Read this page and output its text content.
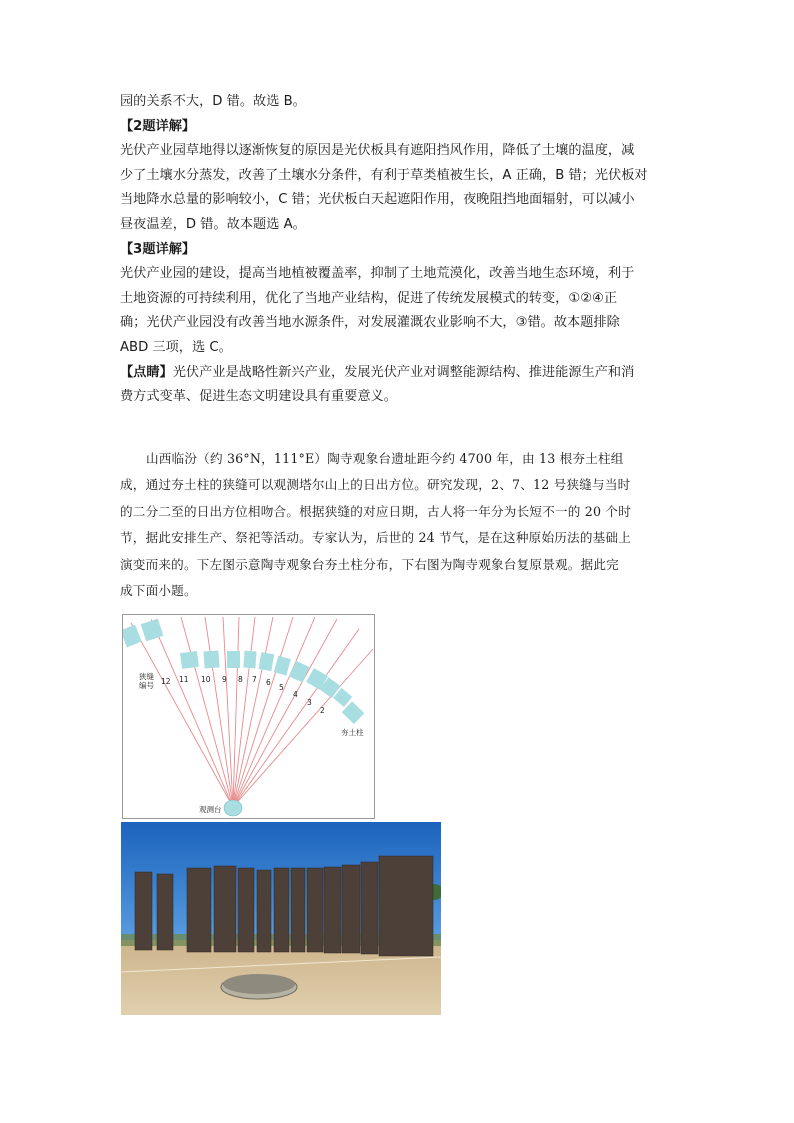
园的关系不大，D 错。故选 B。
【2题详解】
光伏产业园草地得以逐渐恢复的原因是光伏板具有遮阳挡风作用，降低了土壤的温度，减
少了土壤水分蒸发，改善了土壤水分条件，有利于草类植被生长，A 正确，B 错；光伏板对
当地降水总量的影响较小，C 错；光伏板白天起遮阳作用，夜晚阻挡地面辐射，可以减小
昼夜温差，D 错。故本题选 A。
【3题详解】
光伏产业园的建设，提高当地植被覆盖率，抑制了土地荒漠化，改善当地生态环境，利于
土地资源的可持续利用，优化了当地产业结构，促进了传统发展模式的转变，①②④正
确；光伏产业园没有改善当地水源条件，对发展灌溉农业影响不大，③错。故本题排除
ABD 三项，选 C。
【点睛】光伏产业是战略性新兴产业，发展光伏产业对调整能源结构、推进能源生产和消
费方式变革、促进生态文明建设具有重要意义。
山西临汾（约 36°N，111°E）陶寺观象台遗址距今约 4700 年，由 13 根夯土柱组
成，通过夯土柱的狭缝可以观测塔尔山上的日出方位。研究发现，2、7、12 号狭缝与当时
的二分二至的日出方位相吻合。根据狭缝的对应日期，古人将一年分为长短不一的 20 个时
节，据此安排生产、祭祀等活动。专家认为，后世的 24 节气，是在这种原始历法的基础上
演变而来的。下左图示意陶寺观象台夯土柱分布，下右图为陶寺观象台复原景观。据此完
成下面小题。
狭缝
编号 12 11 10 9 8 7 6
5
4
3
2
夯土柱
观测台
